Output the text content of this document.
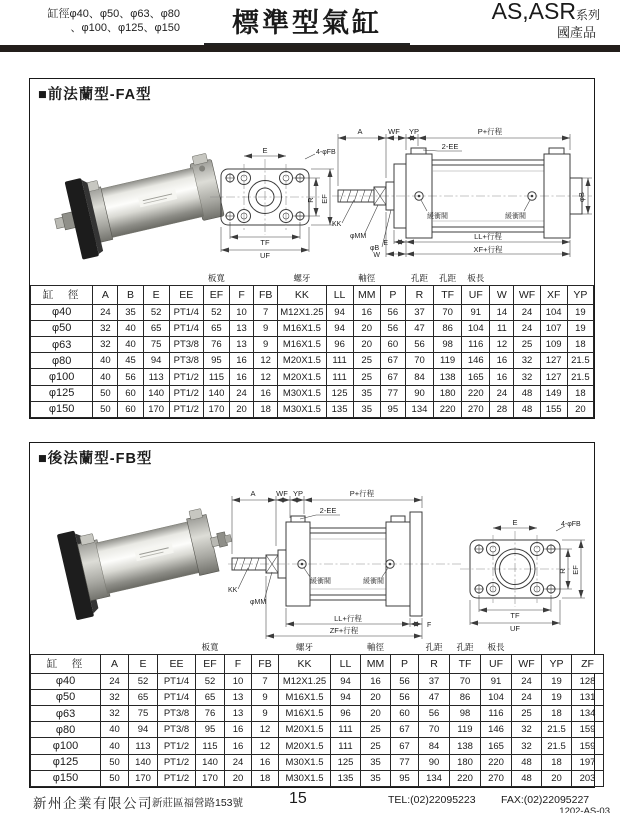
缸徑φ40、φ50、φ63、φ80
、φ100、φ125、φ150	標準型氣缸	AS,ASR系列
國產品
■前法蘭型-FA型
E	4-φFB
R EF
TF
UF
A	WF YP	P+行程
2-EE
緩衝閥	緩衝閥
KK
φMM
φB
E
W
LL+行程
XF+行程
φB
					板寬			螺牙		軸徑		孔距	孔距	板長				
缸　徑	A	B	E	EE	EF	F	FB	KK	LL	MM	P	R	TF	UF	W	WF	XF	YP
φ40	24	35	52	PT1/4	52	10	7	M12X1.25	94	16	56	37	70	91	14	24	104	19
φ50	32	40	65	PT1/4	65	13	9	M16X1.5	94	20	56	47	86	104	11	24	107	19
φ63	32	40	75	PT3/8	76	13	9	M16X1.5	96	20	60	56	98	116	12	25	109	18
φ80	40	45	94	PT3/8	95	16	12	M20X1.5	111	25	67	70	119	146	16	32	127	21.5
φ100	40	56	113	PT1/2	115	16	12	M20X1.5	111	25	67	84	138	165	16	32	127	21.5
φ125	50	60	140	PT1/2	140	24	16	M30X1.5	125	35	77	90	180	220	24	48	149	18
φ150	50	60	170	PT1/2	170	20	18	M30X1.5	135	35	95	134	220	270	28	48	155	20
■後法蘭型-FB型
A	WF YP	P+行程
2-EE
緩衝閥	緩衝閥
KK
φMM
LL+行程
F
ZF+行程
E	4-φFB
R EF
TF
UF
				板寬			螺牙		軸徑		孔距	孔距	板長			
缸　徑	A	E	EE	EF	F	FB	KK	LL	MM	P	R	TF	UF	WF	YP	ZF
φ40	24	52	PT1/4	52	10	7	M12X1.25	94	16	56	37	70	91	24	19	128
φ50	32	65	PT1/4	65	13	9	M16X1.5	94	20	56	47	86	104	24	19	131
φ63	32	75	PT3/8	76	13	9	M16X1.5	96	20	60	56	98	116	25	18	134
φ80	40	94	PT3/8	95	16	12	M20X1.5	111	25	67	70	119	146	32	21.5	159
φ100	40	113	PT1/2	115	16	12	M20X1.5	111	25	67	84	138	165	32	21.5	159
φ125	50	140	PT1/2	140	24	16	M30X1.5	125	35	77	90	180	220	48	18	197
φ150	50	170	PT1/2	170	20	18	M30X1.5	135	35	95	134	220	270	48	20	203
新州企業有限公司 新莊區福營路153號	15	TEL:(02)22095223 FAX:(02)22095227
1202-AS-03
